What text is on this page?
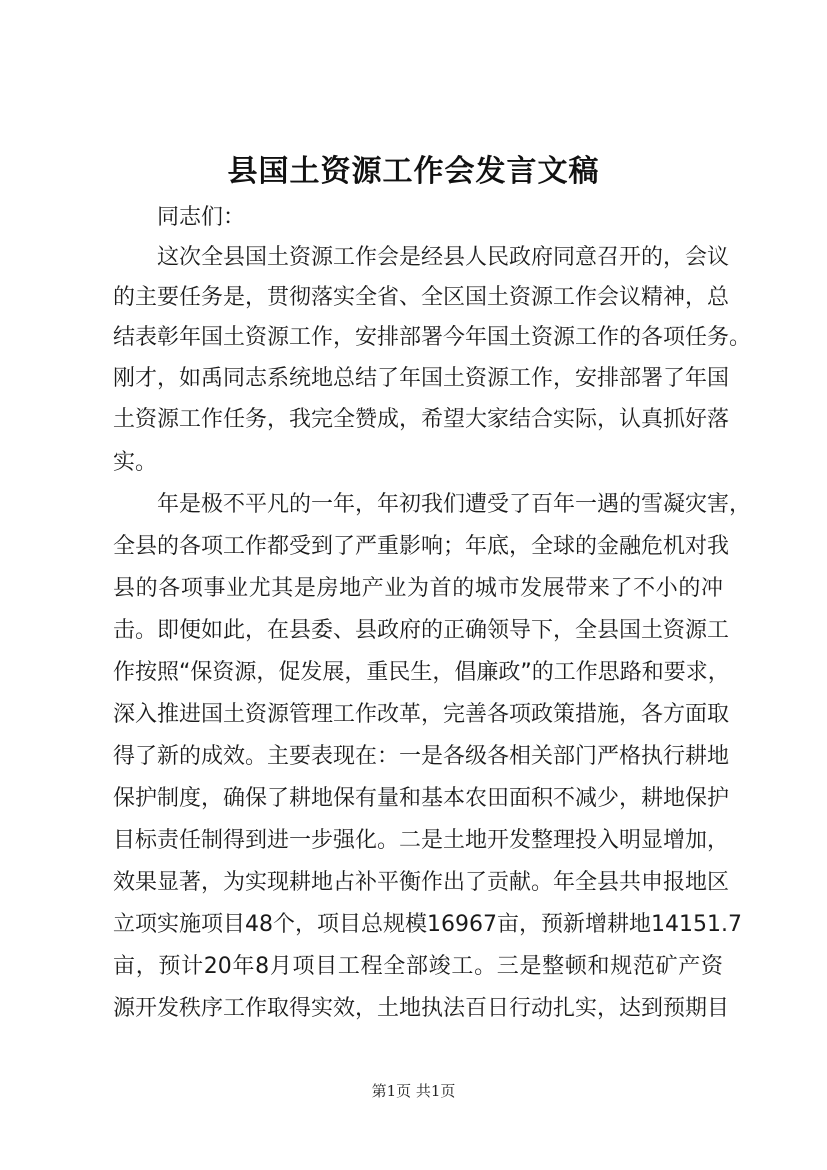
县国土资源工作会发言文稿
同志们：
这次全县国土资源工作会是经县人民政府同意召开的，会议
的主要任务是，贯彻落实全省、全区国土资源工作会议精神，总
结表彰年国土资源工作，安排部署今年国土资源工作的各项任务。
刚才，如禹同志系统地总结了年国土资源工作，安排部署了年国
土资源工作任务，我完全赞成，希望大家结合实际，认真抓好落
实。
年是极不平凡的一年，年初我们遭受了百年一遇的雪凝灾害，
全县的各项工作都受到了严重影响；年底，全球的金融危机对我
县的各项事业尤其是房地产业为首的城市发展带来了不小的冲
击。即便如此，在县委、县政府的正确领导下，全县国土资源工
作按照“保资源，促发展，重民生，倡廉政”的工作思路和要求，
深入推进国土资源管理工作改革，完善各项政策措施，各方面取
得了新的成效。主要表现在：一是各级各相关部门严格执行耕地
保护制度，确保了耕地保有量和基本农田面积不减少，耕地保护
目标责任制得到进一步强化。二是土地开发整理投入明显增加，
效果显著，为实现耕地占补平衡作出了贡献。年全县共申报地区
立项实施项目48个，项目总规模16967亩，预新增耕地14151.7
亩，预计20年8月项目工程全部竣工。三是整顿和规范矿产资
源开发秩序工作取得实效，土地执法百日行动扎实，达到预期目
第1页 共1页
